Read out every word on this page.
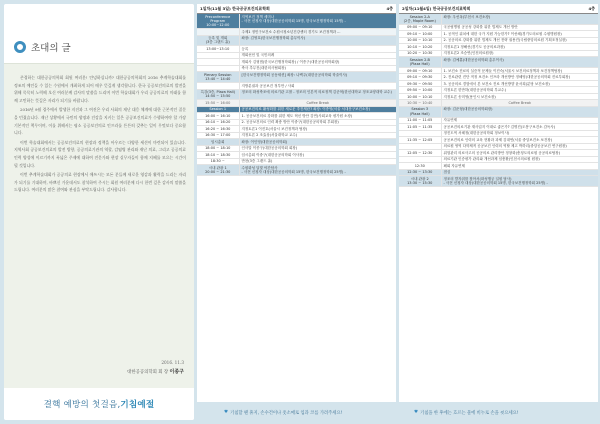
초대의 글

존경하는 대한공공의학회 회원 여러분! 안녕하십니까? 대한공공의학회의 2016 추계학술대회를 정조의 예인들 수 있는 수원에서 개최하게 되어 매우 뜻깊게 생각합니다. 한국 공공보건의료의 발전을 위해 묵묵히 노력해 오신 여러분께 감사의 말씀을 드리며 이번 학술대회가 우리 공공의료의 미래를 함께 고민하는 뜻깊은 자리가 되기를 바랍니다.

2016년 9월 경주에서 발생한 지진과 그 여진은 우리 사회의 재난 대응 체계에 대한 근본적인 질문을 던졌습니다. 재난 상황에서 국민의 생명과 건강을 지키는 일은 공공보건의료가 수행하여야 할 가장 기본적인 책무이며, 이를 위해서는 평소 공공보건의료 인프라를 튼튼히 갖추는 일이 무엇보다 중요합니다.

이번 학술대회에서는 공공보건의료의 현장과 정책을 아우르는 다양한 세션이 마련되어 있습니다. 지역사회 공공보건의료의 발전 방향, 공공의료기관의 역할, 감염병 관리와 재난 의료, 그리고 공공의료 인력 양성에 이르기까지 폭넓은 주제에 대하여 전문가와 현장 실무자들이 함께 지혜를 모으는 시간이 될 것입니다.

이번 추계학술대회가 공공의료 현장에서 애쓰시는 모든 분들께 새로운 영감과 활력을 드리는 자리가 되기를 기대하며, 바쁘신 가운데서도 참석하여 주시는 회원 여러분께 다시 한번 깊은 감사의 말씀을 드립니다. 여러분의 많은 참여와 관심을 부탁드립니다. 감사합니다.

2016. 11.3
대한공공의학회 회 장 이종구
결핵 예방의 첫걸음, 기침예절
1일차(11월 3일) 한국공공보건의료학회	4층
Preconference Program
10:00~12:00	지역보건 정책 세미나
- 사전 신청자 대상(대한공공의학회 15명, 한국보건행정학회 15명) -
	주제1 정민구보건소 수원시청소년건강센터 경기도 보건정책과 ...
등록 및 개회
(3층 그랜드 홀)	좌장: 김영호(한국보건행정학회 총무이사)
13:00~13:10	등록
	개회선언 및 국민의례
	개회사 김형범(한국보건행정학회장) / 이종구(대한공공의학회장)
	축사 추무진(대한의사협회장)
Plenary Session
13:40 ~ 14:40	[한국보건행정학회 공동세션] 좌장: 나백주(대한공공의학회 학술이사)
	지방분권과 공공보건 정부만 / 사회
특강(3층, Plaza Hall)
14:50 ~ 15:50	정조의 화성축조에 의료기관 고찰 - 정조의 인본적 의료정책 김준혁(한신대학교 정조교양대학 교수)
15:50 ~ 16:00	Coffee Break
Session 1	공공보건의료 활성화를 위한 새로운 추진체란? 좌장: 이종영(서울 서대문구보건소장)
16:00 ~ 16:10	1. 공공보건의료 강화를 위한 제도 혁신 방안 김연(사회교육 평가원 소장)
16:10 ~ 16:20	2. 공공보건의료 인력 확충 방안 이중구(대한공공의학회 부회장)
16:20 ~ 16:30	지정토론1 이진호(서울시 보건정책과 팀장)
16:30 ~ 17:00	지정토론 2 조효상(서울대학교 교수)
임시총회	좌장: 이인영(대한공공의학회)
18:00 ~ 18:10	인사말 이종구(대한공공의학회 회장)
18:10 ~ 18:30	임시총회 이중구(대한공공의학회 이사장)
18:30 ~	만찬(3층 그랜드 홀)
시내 관광 1
20:00 ~ 21:30	수원화성 달빛 야간답사
- 사전 신청자 대상(대한공공의학회 15명, 한국보건행정학회 25명) -
2일차(11월4일) 한국공공보건의료학회	4층
Session 2-A
(2층, Maple Room)	좌장: 우선옥(부천시 보건소장)
09:00 ~ 09:10	국공립병원 공공성 강화를 위한 법제도 개선 방안
09:10 ~ 10:00	1. 공적인 위치에 대한 국가 지원 가능한가? 이선혜(경기도의료원 수원병원장)
10:00 ~ 10:10	2. 공공의료 강화를 위한 법제도 개선 전략 권용진(국립중앙의료원 기획조정실장)
10:10 ~ 10:20	지정토론1 정해선(경기도 공공의료과장)
10:20 ~ 10:30	지정토론2 조승연(인천의료원장)
Session 2-B
(Plaza Hall)	좌장: 김예훈(대한공공의학회 총무이사)
09:00 ~ 09:10	1. 보건소 진료의 실증적 문제들 이진숙(서울시 보건의료정책과 보건정책팀장)
09:10 ~ 09:30	2. 진료관련 진단 적정 보건소 인프라 개선방안 정혜영(대한공공의학회 진료부회장)
09:30 ~ 09:50	3. 공공의료 경험에서 본 보건소 진료 개선방향 윤서희(분당 보건소장)
09:50 ~ 10:00	지정토론 한만하(대한공공의학회 부교수)
10:00 ~ 10:10	지정토론 송미영(용인시 보건소장)
10:30 ~ 10:40	Coffee Break
Session 3
(Plaza Hall)	좌장: 김준형(대한공공의학회장)
11:00 ~ 11:05	자유연제
11:05 ~ 11:35	공공보건의료기관 재사업지 이대로 좋은가? 김명진(도봉구보건소 감독사)
	정진도역 서혜정(대한공공의학회 정보이사)
11:35 ~ 12:05	공공보건의료 인력의 교육 현황과 과제 김대연(서울 중앙보건소 보건장)
	의료원 영역 다학제적 공공보건 인력의 역할 제고 박하리(중앙공공보건 연구원장)
12:05 ~ 12:30	위험관리 의료사고의 공공의료 관리방안 정창화(충청도의료원 공공의료팀장)
	의료기관 인증평가 관리와 개선과제 임충환(인천시의료원 원장)
12:30	폐회 자유연제
12:30 ~ 13:30	점심
시내 관광 2
13:30 ~ 15:30	정조의 발자취를 찾아서(화성행궁 일원 답사)
- 사전 신청자 대상(대한공공의학회 15명, 한국보건행정학회 25명) -
♥ 기침할 땐 휴지, 손수건이나 옷소매로 입과 코를 가려주세요!	♥ 기침을 한 후에는 흐르는 물에 비누로 손을 씻으세요!
